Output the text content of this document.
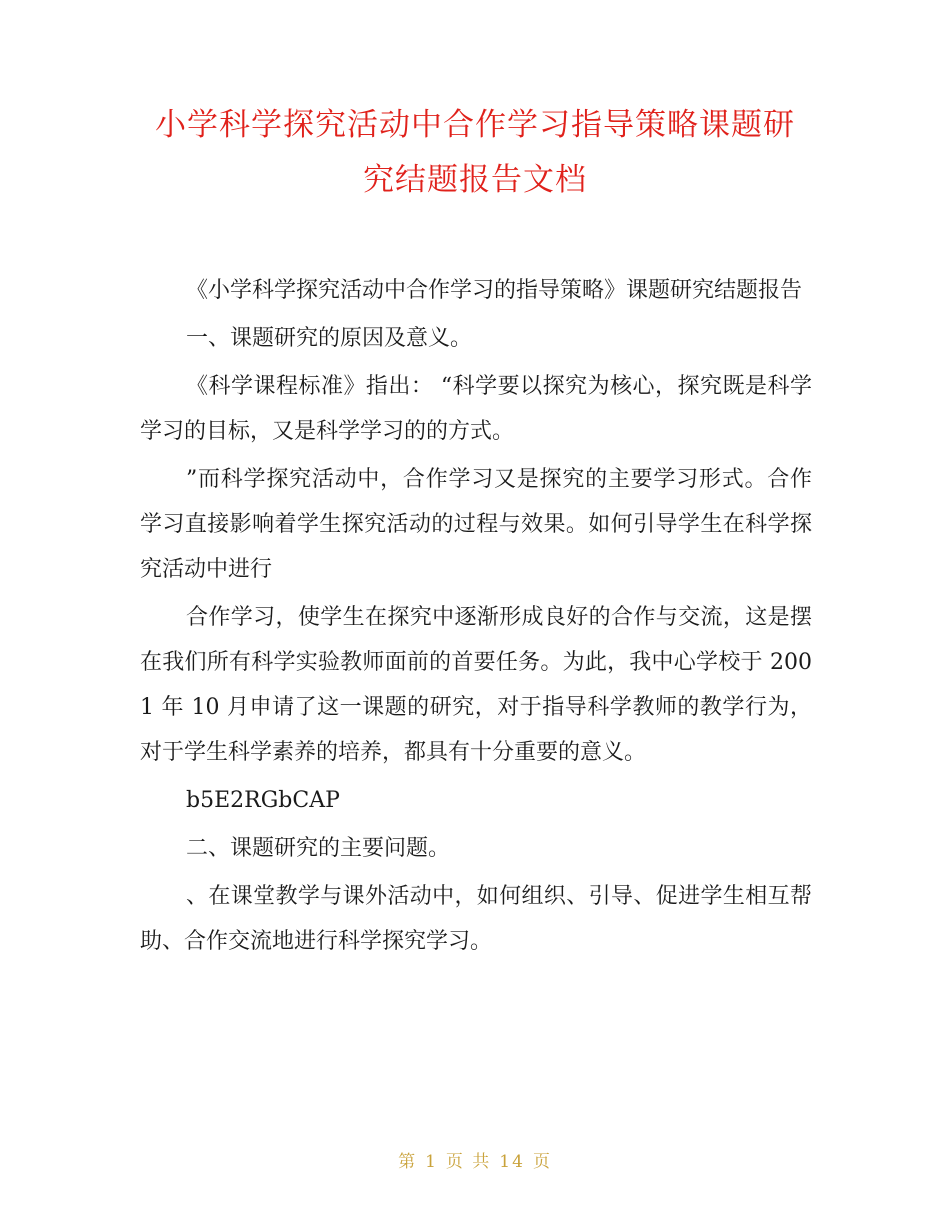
小学科学探究活动中合作学习指导策略课题研
究结题报告文档

《小学科学探究活动中合作学习的指导策略》课题研究结题报告

一、课题研究的原因及意义。

《科学课程标准》指出： “科学要以探究为核心，探究既是科学学习的目标，又是科学学习的的方式。

”而科学探究活动中，合作学习又是探究的主要学习形式。合作学习直接影响着学生探究活动的过程与效果。如何引导学生在科学探究活动中进行

合作学习，使学生在探究中逐渐形成良好的合作与交流，这是摆在我们所有科学实验教师面前的首要任务。为此，我中心学校于 2001 年 10 月申请了这一课题的研究，对于指导科学教师的教学行为，对于学生科学素养的培养，都具有十分重要的意义。

b5E2RGbCAP

二、课题研究的主要问题。

、在课堂教学与课外活动中，如何组织、引导、促进学生相互帮助、合作交流地进行科学探究学习。

第 1 页 共 14 页
